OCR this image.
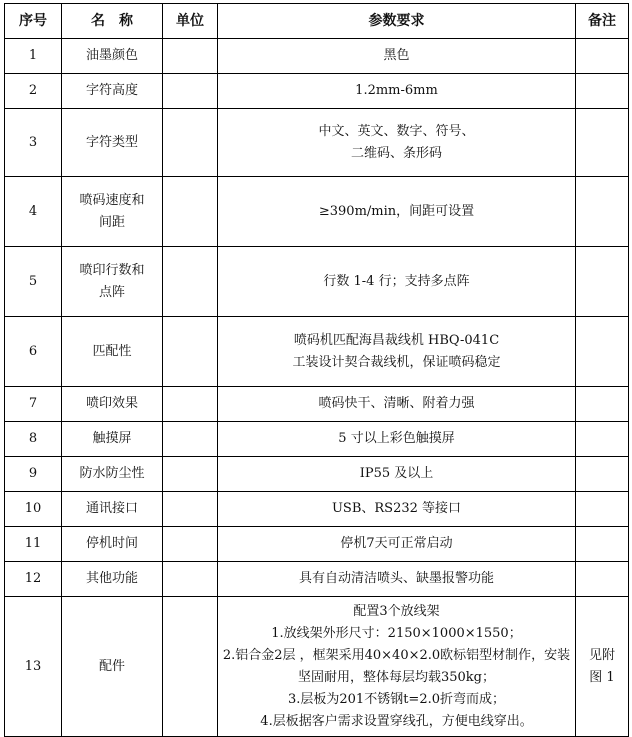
序号	名　称	单位	参数要求	备注
1	油墨颜色		黑色	

2	字符高度		1.2mm-6mm	

3	字符类型		中文、英文、数字、符号、
二维码、条形码	

4	喷码速度和
间距		≥390m/min，间距可设置	

5	喷印行数和
点阵		行数 1-4 行；支持多点阵	

6	匹配性		喷码机匹配海昌裁线机 HBQ-041C
工装设计契合裁线机，保证喷码稳定	

7	喷印效果		喷码快干、清晰、附着力强	

8	触摸屏		5 寸以上彩色触摸屏	

9	防水防尘性		IP55 及以上	

10	通讯接口		USB、RS232 等接口	

11	停机时间		停机7天可正常启动	

12	其他功能		具有自动清洁喷头、缺墨报警功能	

13	配件		配置3个放线架
1.放线架外形尺寸：2150×1000×1550；
2.铝合金2层 ，框架采用40×40×2.0欧标铝型材制作，安装坚固耐用，整体每层均载350kg；
3.层板为201不锈钢t=2.0折弯而成；
4.层板据客户需求设置穿线孔，方便电线穿出。	见附
图 1
